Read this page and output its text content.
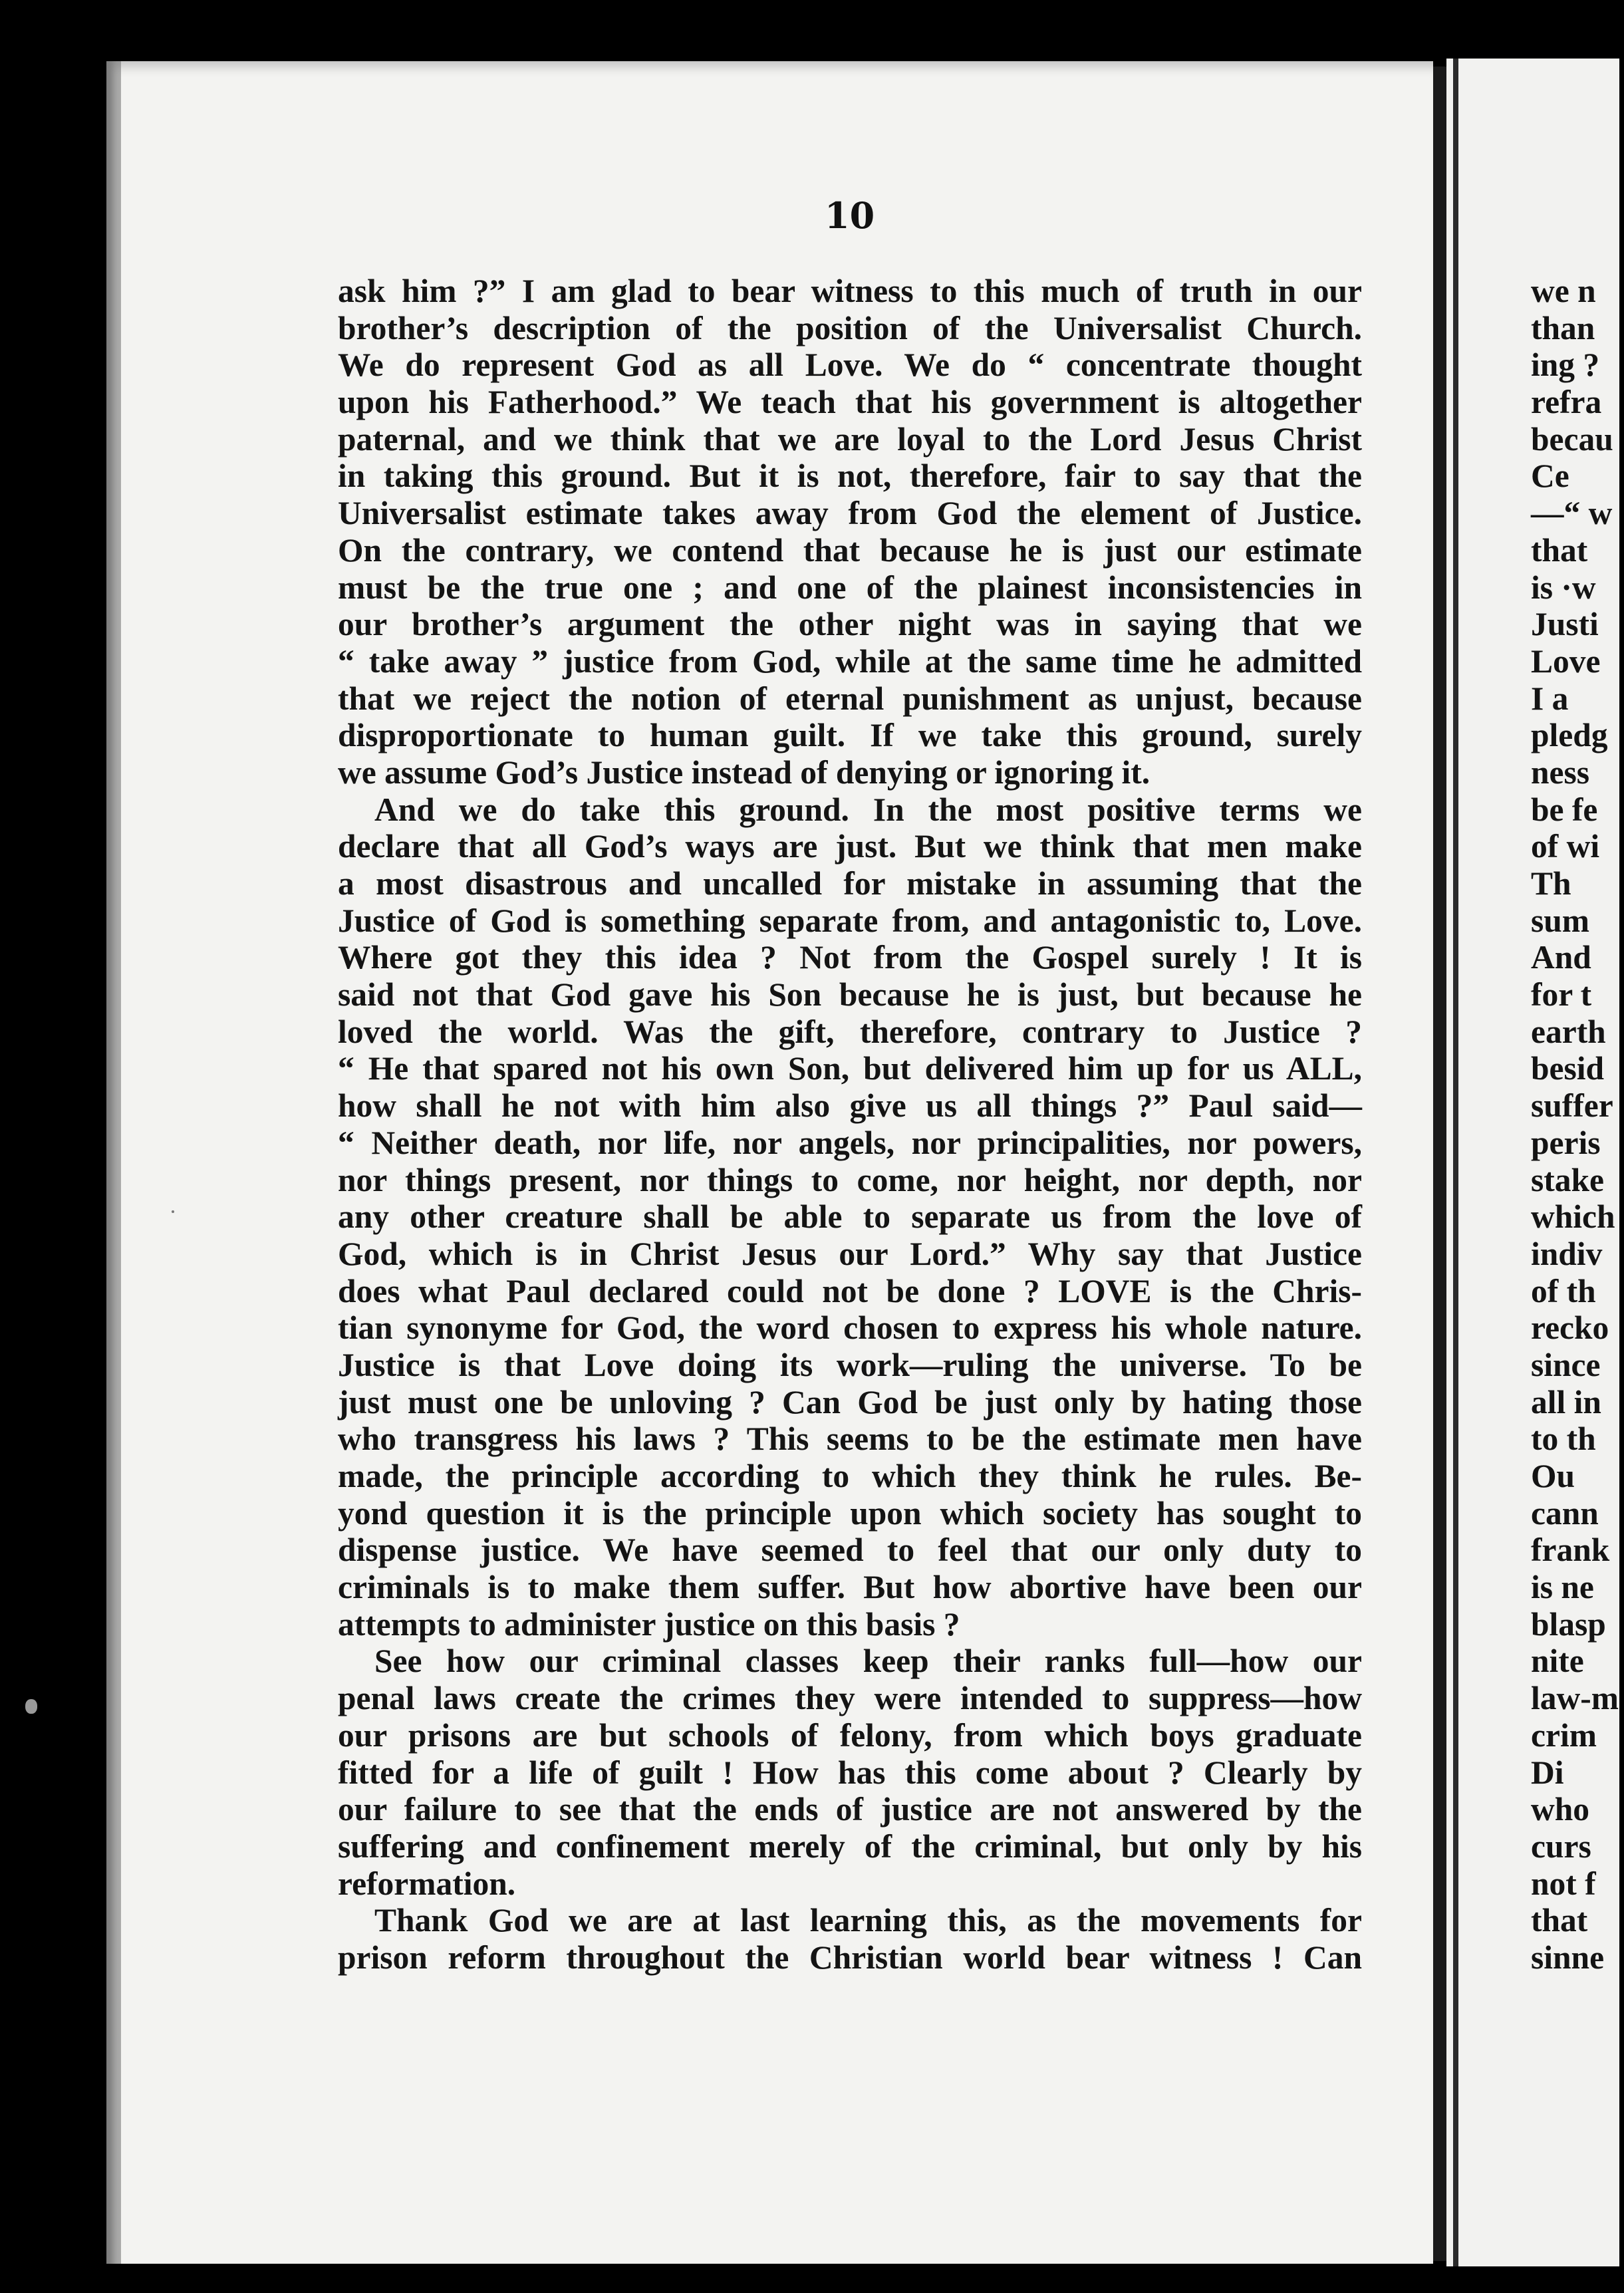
10
ask him ?” I am glad to bear witness to this much of truth in our
brother’s description of the position of the Universalist Church.
We do represent God as all Love. We do “ concentrate thought
upon his Fatherhood.” We teach that his government is altogether
paternal, and we think that we are loyal to the Lord Jesus Christ
in taking this ground. But it is not, therefore, fair to say that the
Universalist estimate takes away from God the element of Justice.
On the contrary, we contend that because he is just our estimate
must be the true one ; and one of the plainest inconsistencies in
our brother’s argument the other night was in saying that we
“ take away ” justice from God, while at the same time he admitted
that we reject the notion of eternal punishment as unjust, because
disproportionate to human guilt. If we take this ground, surely
we assume God’s Justice instead of denying or ignoring it.
And we do take this ground. In the most positive terms we
declare that all God’s ways are just. But we think that men make
a most disastrous and uncalled for mistake in assuming that the
Justice of God is something separate from, and antagonistic to, Love.
Where got they this idea ? Not from the Gospel surely ! It is
said not that God gave his Son because he is just, but because he
loved the world. Was the gift, therefore, contrary to Justice ?
“ He that spared not his own Son, but delivered him up for us ALL,
how shall he not with him also give us all things ?” Paul said—
“ Neither death, nor life, nor angels, nor principalities, nor powers,
nor things present, nor things to come, nor height, nor depth, nor
any other creature shall be able to separate us from the love of
God, which is in Christ Jesus our Lord.” Why say that Justice
does what Paul declared could not be done ? LOVE is the Chris-
tian synonyme for God, the word chosen to express his whole nature.
Justice is that Love doing its work—ruling the universe. To be
just must one be unloving ? Can God be just only by hating those
who transgress his laws ? This seems to be the estimate men have
made, the principle according to which they think he rules. Be-
yond question it is the principle upon which society has sought to
dispense justice. We have seemed to feel that our only duty to
criminals is to make them suffer. But how abortive have been our
attempts to administer justice on this basis ?
See how our criminal classes keep their ranks full—how our
penal laws create the crimes they were intended to suppress—how
our prisons are but schools of felony, from which boys graduate
fitted for a life of guilt ! How has this come about ? Clearly by
our failure to see that the ends of justice are not answered by the
suffering and confinement merely of the criminal, but only by his
reformation.
Thank God we are at last learning this, as the movements for
prison reform throughout the Christian world bear witness ! Can
we n
than
ing ?
refra
becau
Ce
—“ w
that
is ·w
Justi
Love
I a
pledg
ness
be fe
of wi
Th
sum
And
for t
earth
besid
suffer
peris
stake
which
indiv
of th
recko
since
all in
to th
Ou
cann
frank
is ne
blasp
nite
law-m
crim
Di
who
curs
not f
that
sinne
